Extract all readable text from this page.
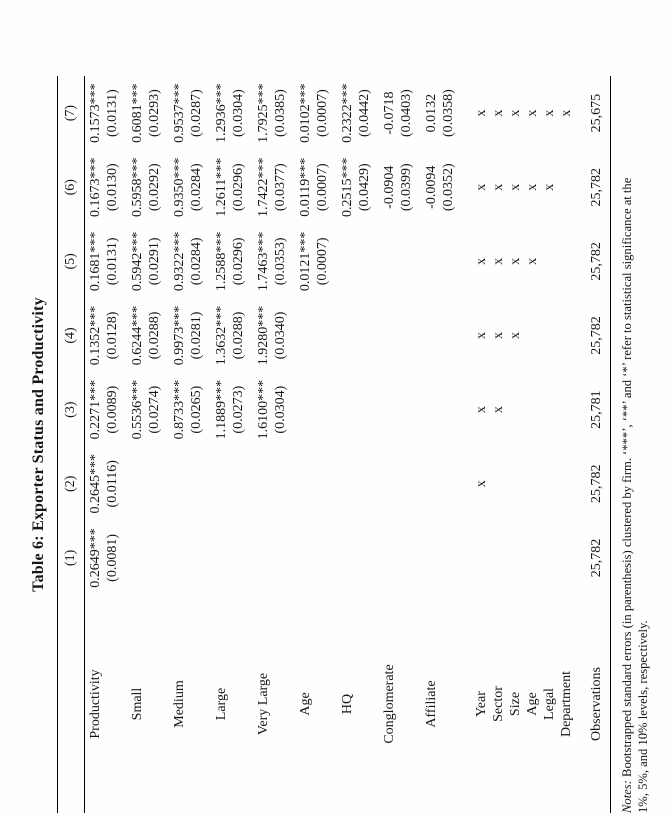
Table 6: Exporter Status and Productivity
	(1)	(2)	(3)	(4)	(5)	(6)	(7)
Productivity	0.2649***	0.2645***	0.2271***	0.1352***	0.1681***	0.1673***	0.1573***
	(0.0081)	(0.0116)	(0.0089)	(0.0128)	(0.0131)	(0.0130)	(0.0131)
Small			0.5536***	0.6244***	0.5942***	0.5958***	0.6081***
			(0.0274)	(0.0288)	(0.0291)	(0.0292)	(0.0293)
Medium			0.8733***	0.9973***	0.9322***	0.9350***	0.9537***
			(0.0265)	(0.0281)	(0.0284)	(0.0284)	(0.0287)
Large			1.1889***	1.3632***	1.2588***	1.2611***	1.2936***
			(0.0273)	(0.0288)	(0.0296)	(0.0296)	(0.0304)
Very Large			1.6100***	1.9280***	1.7463***	1.7422***	1.7925***
			(0.0304)	(0.0340)	(0.0353)	(0.0377)	(0.0385)
Age					0.0121***	0.0119***	0.0102***
					(0.0007)	(0.0007)	(0.0007)
HQ						0.2515***	0.2322***
						(0.0429)	(0.0442)
Conglomerate						-0.0904	-0.0718
						(0.0399)	(0.0403)
Affiliate						-0.0094	0.0132
						(0.0352)	(0.0358)

Year		x	x	x	x	x	x
Sector			x	x	x	x	x
Size				x	x	x	x
Age					x	x	x
Legal						x	x
Department							x

Observations	25,782	25,782	25,781	25,782	25,782	25,782	25,675
Notes: Bootstrapped standard errors (in parenthesis) clustered by firm. ‘***’, ‘**’ and ‘*’ refer to statistical significance at the 1%, 5%, and 10% levels, respectively.
